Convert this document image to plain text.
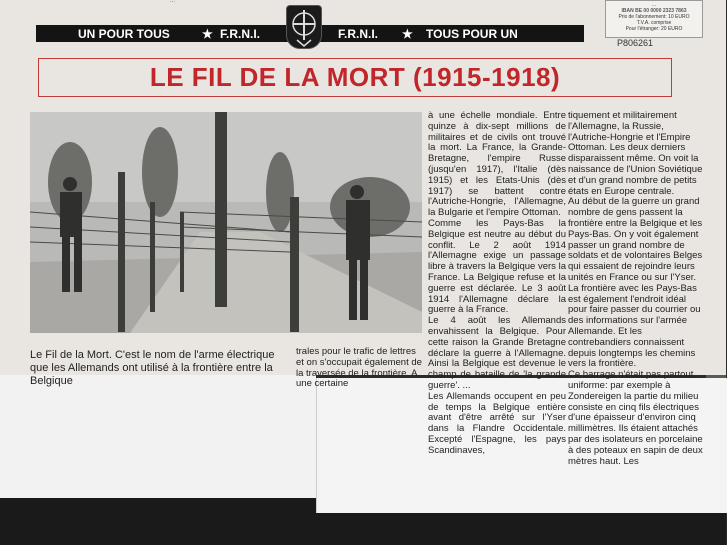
...
UN POUR TOUS	★ F.R.N.I.	F.R.N.I. ★ TOUS POUR UN
...
IBAN BE 00 0000 2323 7863
Prix de l'abonnement: 10 EURO
T.V.A. comprise
Pour l'étranger: 20 EURO
P806261
LE FIL DE LA MORT (1915-1918)

à une échelle mondiale. Entre quinze à dix-sept millions de militaires et de civils ont trouvé la mort. La France, la Grande-Bretagne, l'empire Russe (jusqu'en 1917), l'Italie (dès 1915) et les Etats-Unis (dès 1917) se battent contre l'Autriche-Hongrie, l'Allemagne, la Bulgarie et l'empire Ottoman.

Comme les Pays-Bas la Belgique est neutre au début du conflit. Le 2 août 1914 l'Allemagne exige un passage libre à travers la Belgique vers la France. La Belgique refuse et la guerre est déclarée. Le 3 août 1914 l'Allemagne déclare la guerre à la France.

Le 4 août les Allemands envahissent la Belgique. Pour cette raison la Grande Bretagne déclare la guerre à l'Allemagne. Ainsi la Belgique est devenue le champ de bataille de 'la grande guerre'. ...

Les Allemands occupent en peu de temps la Belgique entière avant d'être arrêté sur l'Yser dans la Flandre Occidentale. Excepté l'Espagne, les pays Scandinaves,

tiquement et militairement l'Allemagne, la Russie, l'Autriche-Hongrie et l'Empire Ottoman. Les deux derniers disparaissent même. On voit la naissance de l'Union Soviétique et d'un grand nombre de petits états en Europe centrale.

Au début de la guerre un grand nombre de gens passent la frontière entre la Belgique et les Pays-Bas. On y voit également passer un grand nombre de soldats et de volontaires Belges qui essaient de rejoindre leurs unités en France ou sur l'Yser. La frontière avec les Pays-Bas est également l'endroit idéal pour faire passer du courrier ou des informations sur l'armée Allemande. Et les contrebandiers connaissent depuis longtemps les chemins vers la frontière.

Ce barrage n'était pas partout uniforme: par exemple à Zondereigen la partie du milieu consiste en cinq fils électriques d'une épaisseur d'environ cinq millimètres. Ils étaient attachés par des isolateurs en porcelaine à des poteaux en sapin de deux mètres haut. Les

Le Fil de la Mort. C'est le nom de l'arme électrique que les Allemands ont utilisé à la frontière entre la Belgique
trales pour le trafic de lettres et on s'occupait également de la traversée de la frontière. A une certaine
